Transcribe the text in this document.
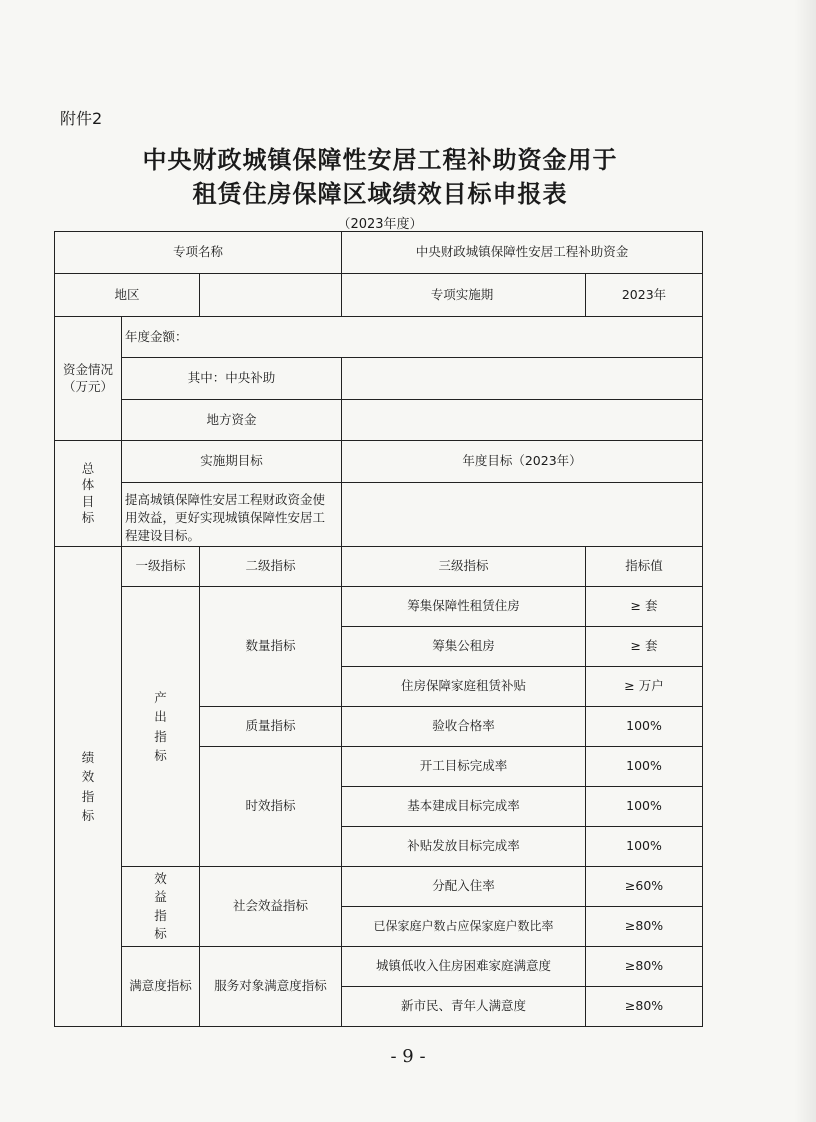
附件2
中央财政城镇保障性安居工程补助资金用于
租赁住房保障区域绩效目标申报表
（2023年度）
专项名称			中央财政城镇保障性安居工程补助资金	
地区			专项实施期	2023年
资金情况（万元）	年度金额：			
	其中：中央补助			
	地方资金			
总体目标	实施期目标		年度目标（2023年）	
	提高城镇保障性安居工程财政资金使用效益，更好实现城镇保障性安居工程建设目标。			
绩效指标	一级指标	二级指标	三级指标	指标值
	产出指标	数量指标	筹集保障性租赁住房	≥ 套
			筹集公租房	≥ 套
			住房保障家庭租赁补贴	≥ 万户
		质量指标	验收合格率	100%
		时效指标	开工目标完成率	100%
			基本建成目标完成率	100%
			补贴发放目标完成率	100%
	效益指标	社会效益指标	分配入住率	≥60%
			已保家庭户数占应保家庭户数比率	≥80%
	满意度指标	服务对象满意度指标	城镇低收入住房困难家庭满意度	≥80%
			新市民、青年人满意度	≥80%
- 9 -
